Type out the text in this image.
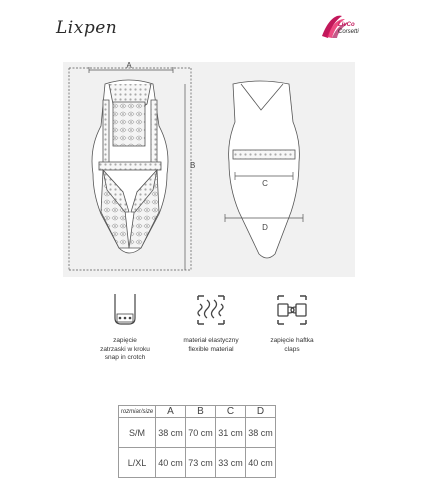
Lixpen	LivCo
Corsetti
A
B
C
D
zapięcie
zatrzaski w kroku
snap in crotch
materiał elastyczny
flexible material
zapięcie haftka
claps
rozmiar/size	A	B	C	D
S/M	38 cm	70 cm	31 cm	38 cm
L/XL	40 cm	73 cm	33 cm	40 cm
